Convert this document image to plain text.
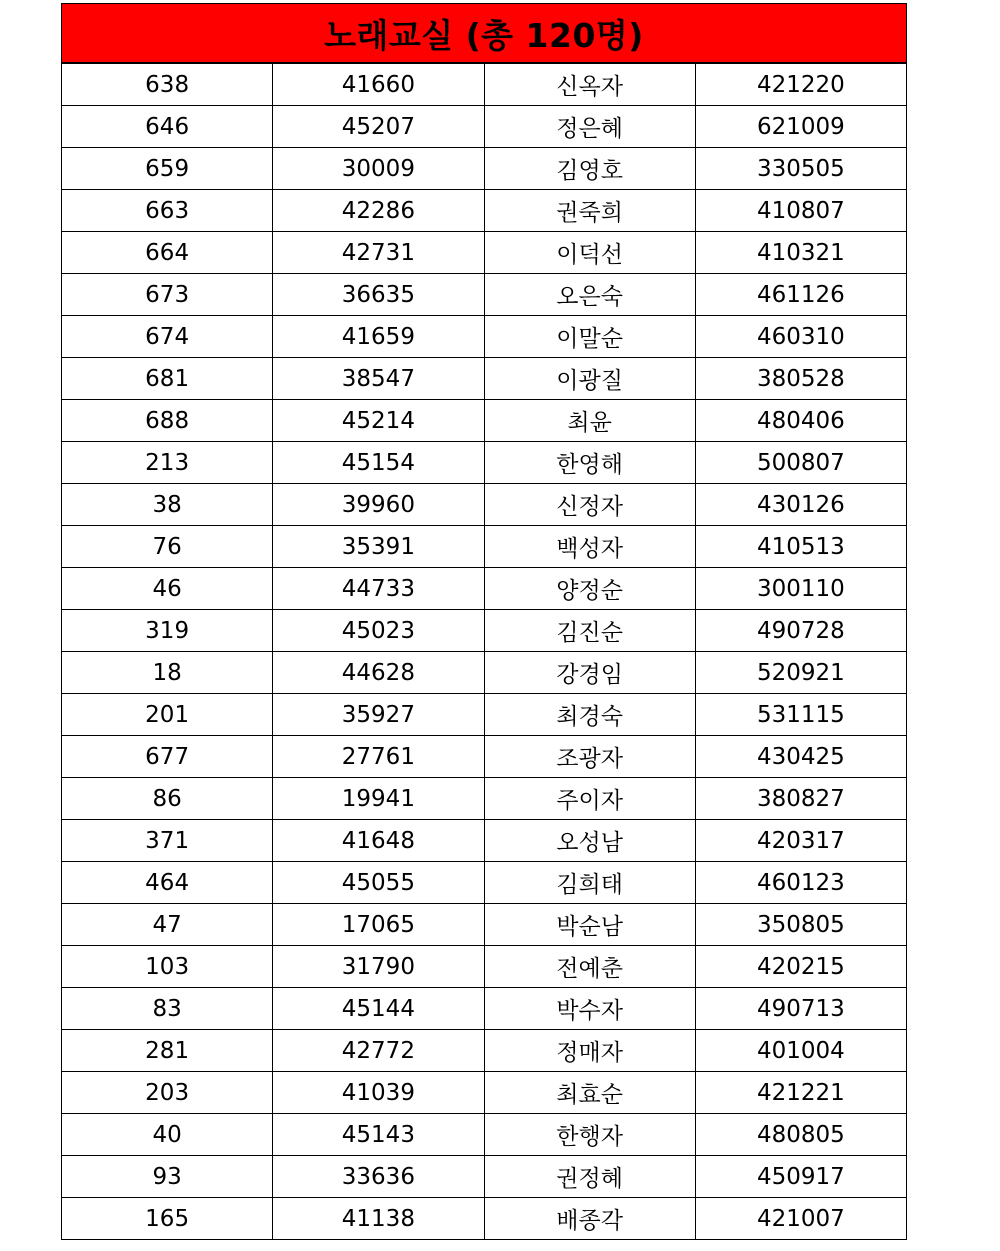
노래교실 (총 120명)
638	41660	신옥자	421220
646	45207	정은혜	621009
659	30009	김영호	330505
663	42286	권죽희	410807
664	42731	이덕선	410321
673	36635	오은숙	461126
674	41659	이말순	460310
681	38547	이광질	380528
688	45214	최윤	480406
213	45154	한영해	500807
38	39960	신정자	430126
76	35391	백성자	410513
46	44733	양정순	300110
319	45023	김진순	490728
18	44628	강경임	520921
201	35927	최경숙	531115
677	27761	조광자	430425
86	19941	주이자	380827
371	41648	오성남	420317
464	45055	김희태	460123
47	17065	박순남	350805
103	31790	전예춘	420215
83	45144	박수자	490713
281	42772	정매자	401004
203	41039	최효순	421221
40	45143	한행자	480805
93	33636	권정혜	450917
165	41138	배종각	421007
